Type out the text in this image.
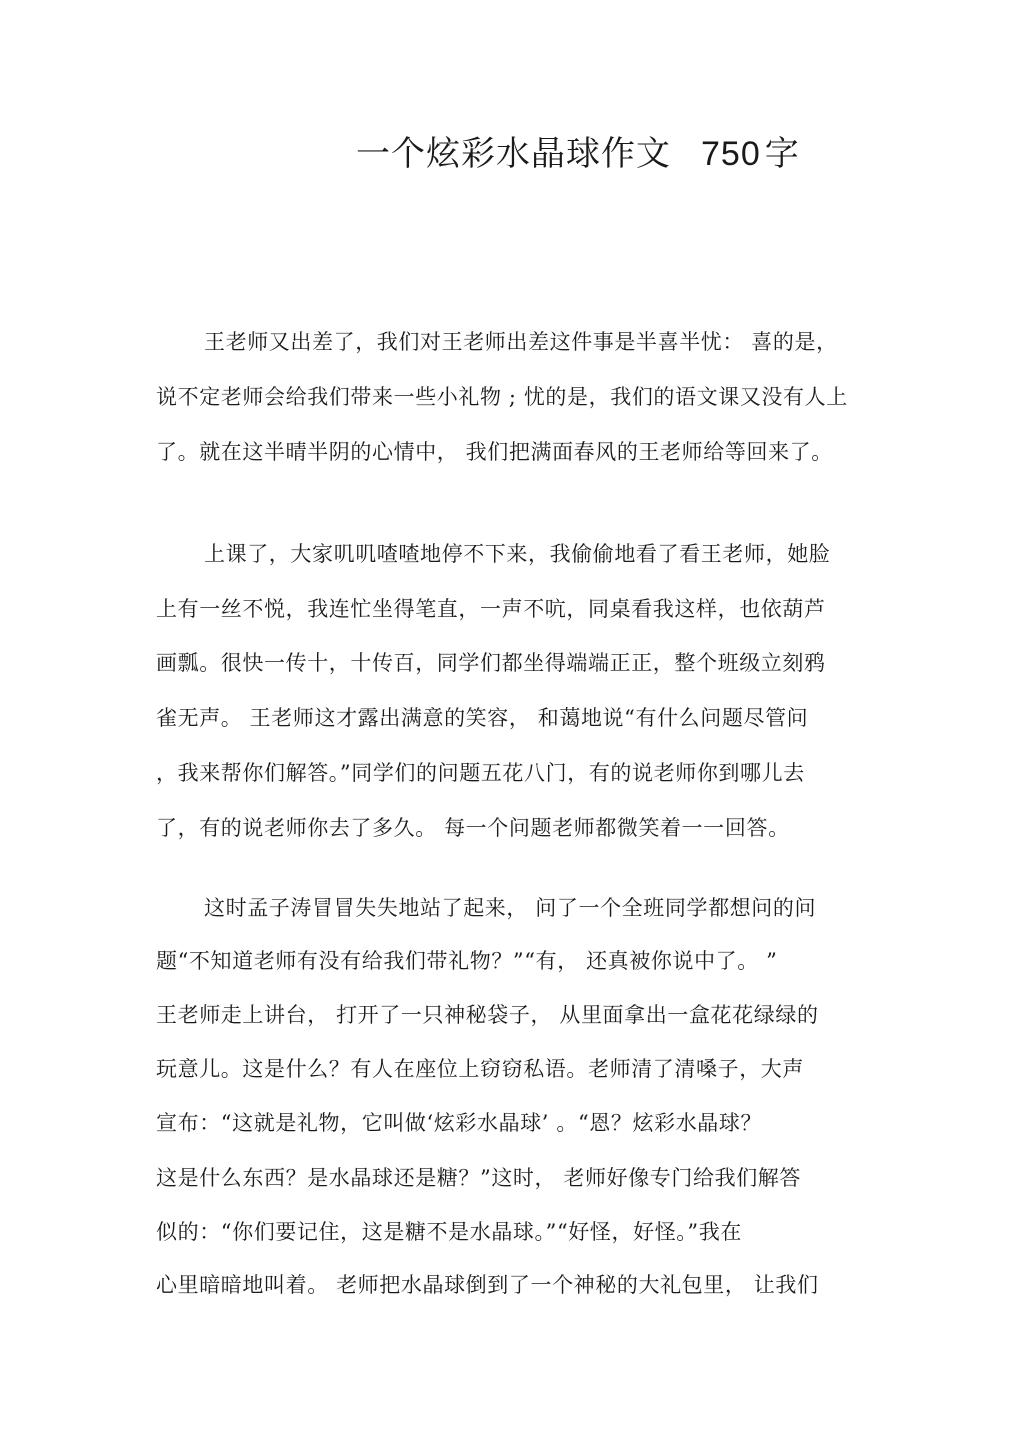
一个炫彩水晶球作文 750 字
王老师又出差了，我们对王老师出差这件事是半喜半忧： 喜的是，
说不定老师会给我们带来一些小礼物 ; 忧的是，我们的语文课又没有人上
了。就在这半晴半阴的心情中， 我们把满面春风的王老师给等回来了。
上课了，大家叽叽喳喳地停不下来，我偷偷地看了看王老师，她脸
上有一丝不悦，我连忙坐得笔直，一声不吭，同桌看我这样，也依葫芦
画瓢。很快一传十，十传百，同学们都坐得端端正正，整个班级立刻鸦
雀无声。 王老师这才露出满意的笑容， 和蔼地说“有什么问题尽管问
，我来帮你们解答。”同学们的问题五花八门，有的说老师你到哪儿去
了，有的说老师你去了多久。 每一个问题老师都微笑着一一回答。
这时孟子涛冒冒失失地站了起来， 问了一个全班同学都想问的问
题“不知道老师有没有给我们带礼物？”“有， 还真被你说中了。 ”
王老师走上讲台， 打开了一只神秘袋子， 从里面拿出一盒花花绿绿的
玩意儿。这是什么？有人在座位上窃窃私语。老师清了清嗓子，大声
宣布：“这就是礼物，它叫做‘炫彩水晶球’ 。“恩？炫彩水晶球？
这是什么东西？是水晶球还是糖？”这时， 老师好像专门给我们解答
似的：“你们要记住，这是糖不是水晶球。”“好怪，好怪。”我在
心里暗暗地叫着。 老师把水晶球倒到了一个神秘的大礼包里， 让我们
